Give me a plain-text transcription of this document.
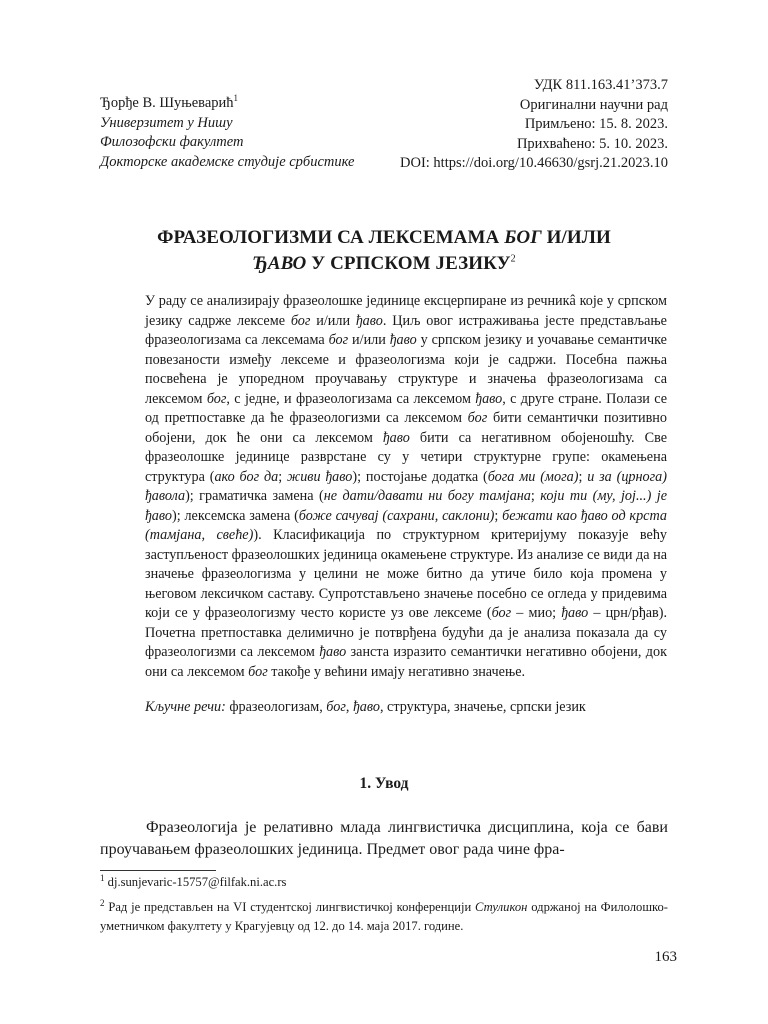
УДК 811.163.41’373.7
Оригинални научни рад
Примљено: 15. 8. 2023.
Прихваћено: 5. 10. 2023.
DOI: https://doi.org/10.46630/gsrj.21.2023.10
Ђорђе В. Шуњеварић$^1$
Универзитет у Нишу
Филозофски факултет
Докторске академске студије србистике
ФРАЗЕОЛОГИЗМИ СА ЛЕКСЕМАМА БОГ И/ИЛИ
ЂАВО У СРПСКОМ ЈЕЗИКУ$^2$
У раду се анализирају фразеолошке јединице ексцерпиране из речникâ које у српском језику садрже лексеме бог и/или ђаво. Циљ овог истраживања јесте представљање фразеологизама са лексемама бог и/или ђаво у српском језику и уочавање семантичке повезаности између лексеме и фразеологизма који је садржи. Посебна пажња посвећена је упоредном проучавању структуре и значења фразеологизама са лексемом бог, с једне, и фразеологизама са лексемом ђаво, с друге стране. Полази се од претпоставке да ће фразеологизми са лексемом бог бити семантички позитивно обојени, док ће они са лексемом ђаво бити са негативном обојеношћу. Све фразеолошке јединице разврстане су у четири структурне групе: окамењена структура (ако бог да; живи ђаво); постојање додатка (бога ми (мога); и за (црнога) ђавола); граматичка замена (не дати/давати ни богу тамјана; који ти (му, јој...) је ђаво); лексемска замена (боже сачувај (сахрани, саклони); бежати као ђаво од крста (тамјана, свеће)). Класификација по структурном критеријуму показује већу заступљеност фразеолошких јединица окамењене структуре. Из анализе се види да на значење фразеологизма у целини не може битно да утиче било која промена у његовом лексичком саставу. Супротстављено значење посебно се огледа у придевима који се у фразеологизму често користе уз ове лексеме (бог – мио; ђаво – црн/рђав). Почетна претпоставка делимично је потврђена будући да је анализа показала да су фразеологизми са лексемом ђаво занста изразито семантички негативно обојени, док они са лексемом бог такође у већини имају негативно значење.
Кључне речи: фразеологизам, бог, ђаво, структура, значење, српски језик
1. Увод
Фразеологија је релативно млада лингвистичка дисциплина, која се бави проучавањем фразеолошких јединица. Предмет овог рада чине фра-
$^1$ dj.sunjevaric-15757@filfak.ni.ac.rs
$^2$ Рад је представљен на VI студентској лингвистичкој конференцији Стуликон одржаној на Филолошко-уметничком факултету у Крагујевцу од 12. до 14. маја 2017. године.
163
